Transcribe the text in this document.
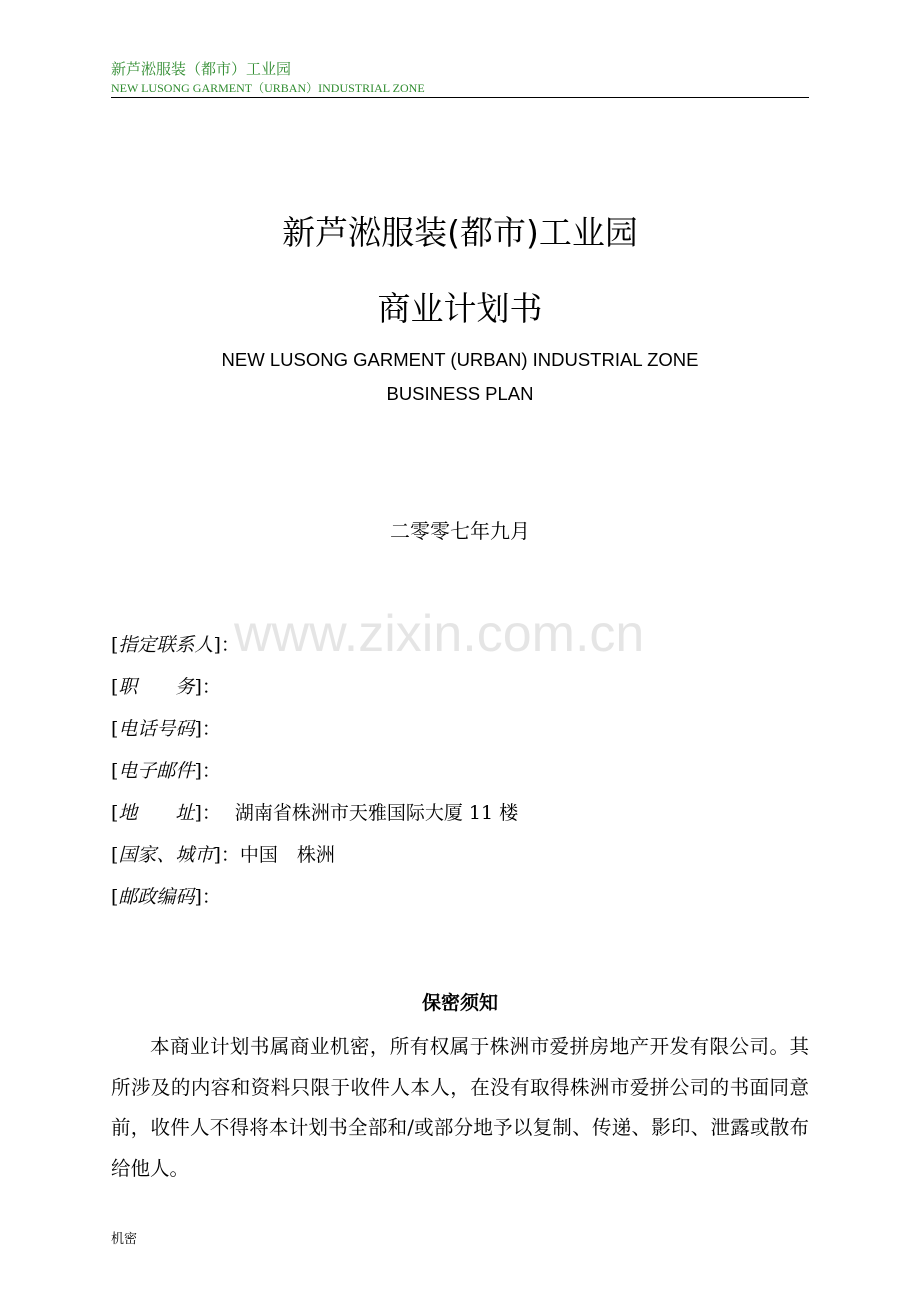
新芦淞服装（都市）工业园
NEW LUSONG GARMENT（URBAN）INDUSTRIAL ZONE
新芦淞服装(都市)工业园
商业计划书
NEW LUSONG GARMENT (URBAN) INDUSTRIAL ZONE
BUSINESS PLAN
二零零七年九月
www.zixin.com.cn
[指定联系人]：
[职　　务]：
[电话号码]：
[电子邮件]：
[地　　址]： 湖南省株洲市天雅国际大厦 11 楼
[国家、城市]：中国　株洲
[邮政编码]：
保密须知
本商业计划书属商业机密，所有权属于株洲市爱拼房地产开发有限公司。其所涉及的内容和资料只限于收件人本人，在没有取得株洲市爱拼公司的书面同意前，收件人不得将本计划书全部和/或部分地予以复制、传递、影印、泄露或散布给他人。
机密
